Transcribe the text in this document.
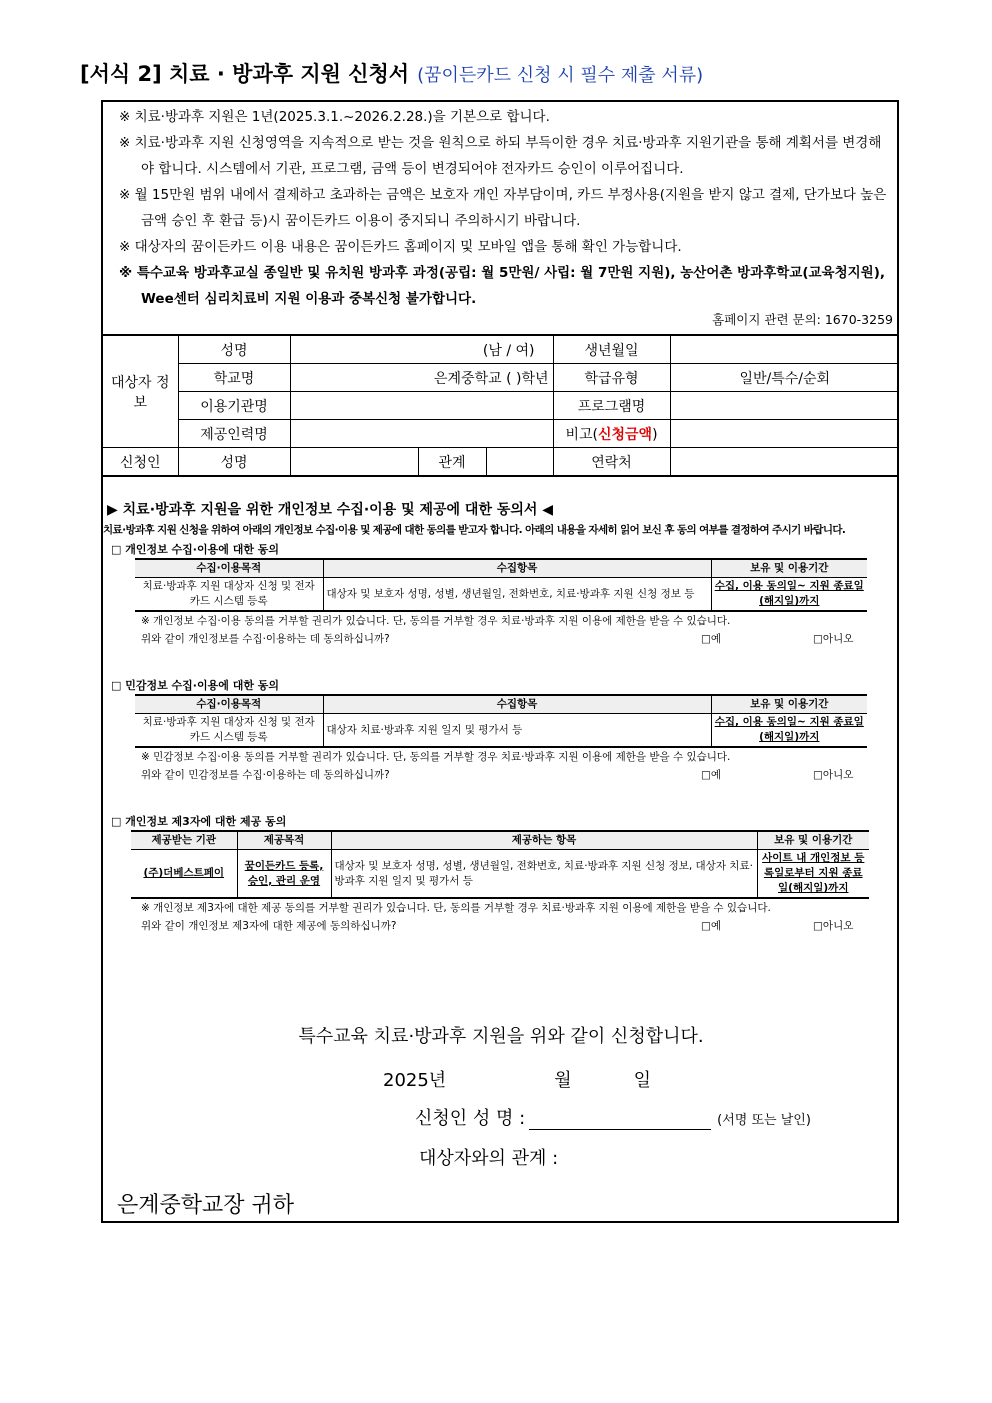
[서식 2] 치료 · 방과후 지원 신청서 (꿈이든카드 신청 시 필수 제출 서류)
※ 치료·방과후 지원은 1년(2025.3.1.~2026.2.28.)을 기본으로 합니다.
※ 치료·방과후 지원 신청영역을 지속적으로 받는 것을 원칙으로 하되 부득이한 경우 치료·방과후 지원기관을 통해 계획서를 변경해야 합니다. 시스템에서 기관, 프로그램, 금액 등이 변경되어야 전자카드 승인이 이루어집니다.
※ 월 15만원 범위 내에서 결제하고 초과하는 금액은 보호자 개인 자부담이며, 카드 부정사용(지원을 받지 않고 결제, 단가보다 높은 금액 승인 후 환급 등)시 꿈이든카드 이용이 중지되니 주의하시기 바랍니다.
※ 대상자의 꿈이든카드 이용 내용은 꿈이든카드 홈페이지 및 모바일 앱을 통해 확인 가능합니다.
※ 특수교육 방과후교실 종일반 및 유치원 방과후 과정(공립: 월 5만원/ 사립: 월 7만원 지원), 농산어촌 방과후학교(교육청지원), Wee센터 심리치료비 지원 이용과 중복신청 불가합니다.
홈페이지 관련 문의: 1670-3259
대상자 정보	성명	(남 / 여)			생년월일	
	학교명	은계중학교 ( )학년			학급유형	일반/특수/순회
	이용기관명				프로그램명	
	제공인력명				비고(신청금액)	
신청인	성명		관계		연락처	
▶ 치료·방과후 지원을 위한 개인정보 수집·이용 및 제공에 대한 동의서 ◀
치료·방과후 지원 신청을 위하여 아래의 개인정보 수집·이용 및 제공에 대한 동의를 받고자 합니다. 아래의 내용을 자세히 읽어 보신 후 동의 여부를 결정하여 주시기 바랍니다.
□ 개인정보 수집·이용에 대한 동의
수집·이용목적	수집항목	보유 및 이용기간
치료·방과후 지원 대상자 신청 및 전자카드 시스템 등록	대상자 및 보호자 성명, 성별, 생년월일, 전화번호, 치료·방과후 지원 신청 정보 등	수집, 이용 동의일~ 지원 종료일(해지일)까지
※ 개인정보 수집·이용 동의를 거부할 권리가 있습니다. 단, 동의를 거부할 경우 치료·방과후 지원 이용에 제한을 받을 수 있습니다.
위와 같이 개인정보를 수집·이용하는 데 동의하십니까?	□예	□아니오
□ 민감정보 수집·이용에 대한 동의
수집·이용목적	수집항목	보유 및 이용기간
치료·방과후 지원 대상자 신청 및 전자카드 시스템 등록	대상자 치료·방과후 지원 일지 및 평가서 등	수집, 이용 동의일~ 지원 종료일(해지일)까지
※ 민감정보 수집·이용 동의를 거부할 권리가 있습니다. 단, 동의를 거부할 경우 치료·방과후 지원 이용에 제한을 받을 수 있습니다.
위와 같이 민감정보를 수집·이용하는 데 동의하십니까?	□예	□아니오
□ 개인정보 제3자에 대한 제공 동의
제공받는 기관	제공목적	제공하는 항목	보유 및 이용기간
(주)더베스트페이	꿈이든카드 등록, 승인, 관리 운영	대상자 및 보호자 성명, 성별, 생년월일, 전화번호, 치료·방과후 지원 신청 정보, 대상자 치료·방과후 지원 일지 및 평가서 등	사이트 내 개인정보 등록일로부터 지원 종료일(해지일)까지
※ 개인정보 제3자에 대한 제공 동의를 거부할 권리가 있습니다. 단, 동의를 거부할 경우 치료·방과후 지원 이용에 제한을 받을 수 있습니다.
위와 같이 개인정보 제3자에 대한 제공에 동의하십니까?	□예	□아니오
특수교육 치료·방과후 지원을 위와 같이 신청합니다.
2025년	월	일
신청인 성 명 :	(서명 또는 날인)
대상자와의 관계 :
은계중학교장 귀하
